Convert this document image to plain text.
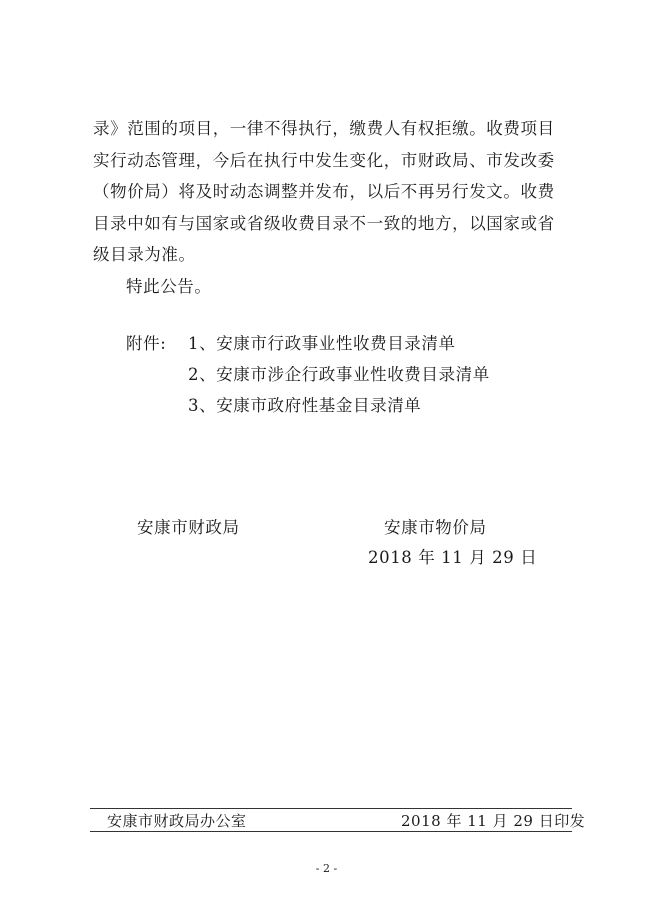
录》范围的项目，一律不得执行，缴费人有权拒缴。收费项目
实行动态管理，今后在执行中发生变化，市财政局、市发改委
（物价局）将及时动态调整并发布，以后不再另行发文。收费
目录中如有与国家或省级收费目录不一致的地方，以国家或省
级目录为准。
特此公告。
附件:	1、安康市行政事业性收费目录清单
2、安康市涉企行政事业性收费目录清单
3、安康市政府性基金目录清单
安康市财政局	安康市物价局
2018 年 11 月 29 日
安康市财政局办公室	2018 年 11 月 29 日印发
- 2 -
